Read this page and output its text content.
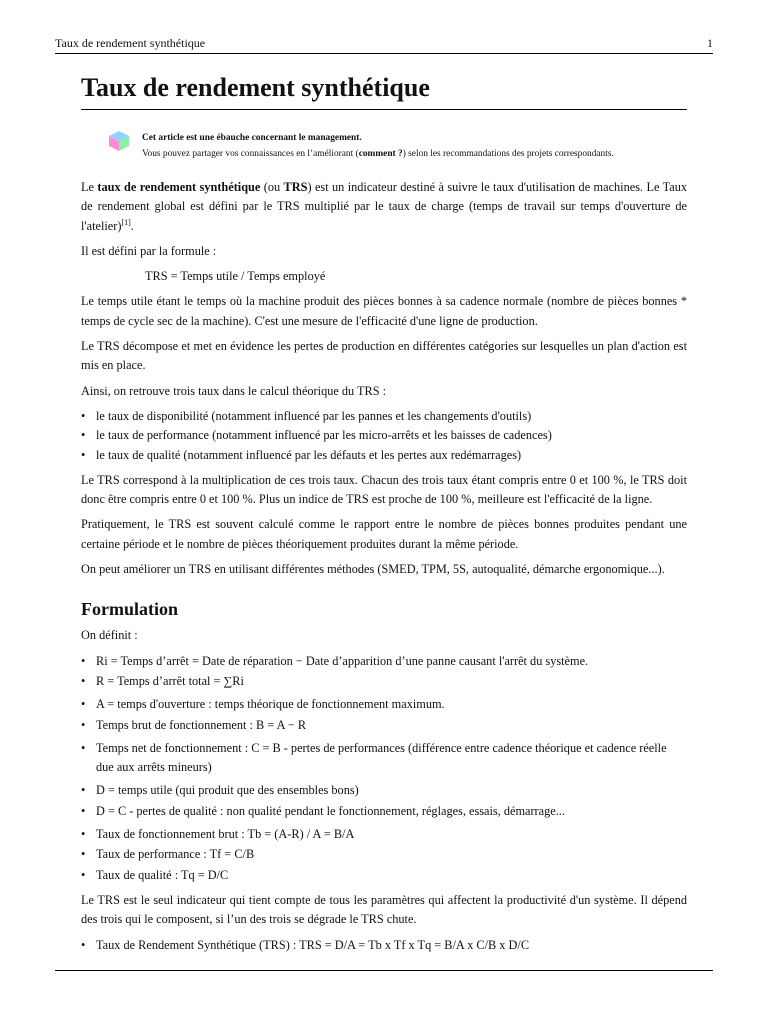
Taux de rendement synthétique	1
Taux de rendement synthétique
Cet article est une ébauche concernant le management.
Vous pouvez partager vos connaissances en l’améliorant (comment ?) selon les recommandations des projets correspondants.

Le taux de rendement synthétique (ou TRS) est un indicateur destiné à suivre le taux d'utilisation de machines. Le Taux de rendement global est défini par le TRS multiplié par le taux de charge (temps de travail sur temps d'ouverture de l'atelier)[1].

Il est défini par la formule :

TRS = Temps utile / Temps employé

Le temps utile étant le temps où la machine produit des pièces bonnes à sa cadence normale (nombre de pièces bonnes * temps de cycle sec de la machine). C'est une mesure de l'efficacité d'une ligne de production.

Le TRS décompose et met en évidence les pertes de production en différentes catégories sur lesquelles un plan d'action est mis en place.

Ainsi, on retrouve trois taux dans le calcul théorique du TRS :

• le taux de disponibilité (notamment influencé par les pannes et les changements d'outils)
• le taux de performance (notamment influencé par les micro-arrêts et les baisses de cadences)
• le taux de qualité (notamment influencé par les défauts et les pertes aux redémarrages)

Le TRS correspond à la multiplication de ces trois taux. Chacun des trois taux étant compris entre 0 et 100 %, le TRS doit donc être compris entre 0 et 100 %. Plus un indice de TRS est proche de 100 %, meilleure est l'efficacité de la ligne.

Pratiquement, le TRS est souvent calculé comme le rapport entre le nombre de pièces bonnes produites pendant une certaine période et le nombre de pièces théoriquement produites durant la même période.

On peut améliorer un TRS en utilisant différentes méthodes (SMED, TPM, 5S, autoqualité, démarche ergonomique...).

Formulation

On définit :

• Ri = Temps d’arrêt = Date de réparation − Date d’apparition d’une panne causant l'arrêt du système.
• R = Temps d’arrêt total = ∑Ri
• A = temps d'ouverture : temps théorique de fonctionnement maximum.
• Temps brut de fonctionnement : B = A − R
• Temps net de fonctionnement : C = B - pertes de performances (différence entre cadence théorique et cadence réelle due aux arrêts mineurs)
• D = temps utile (qui produit que des ensembles bons)
• D = C - pertes de qualité : non qualité pendant le fonctionnement, réglages, essais, démarrage...
• Taux de fonctionnement brut : Tb = (A-R) / A = B/A
• Taux de performance : Tf = C/B
• Taux de qualité : Tq = D/C

Le TRS est le seul indicateur qui tient compte de tous les paramètres qui affectent la productivité d'un système. Il dépend des trois qui le composent, si l’un des trois se dégrade le TRS chute.

• Taux de Rendement Synthétique (TRS) : TRS = D/A = Tb x Tf x Tq = B/A x C/B x D/C
